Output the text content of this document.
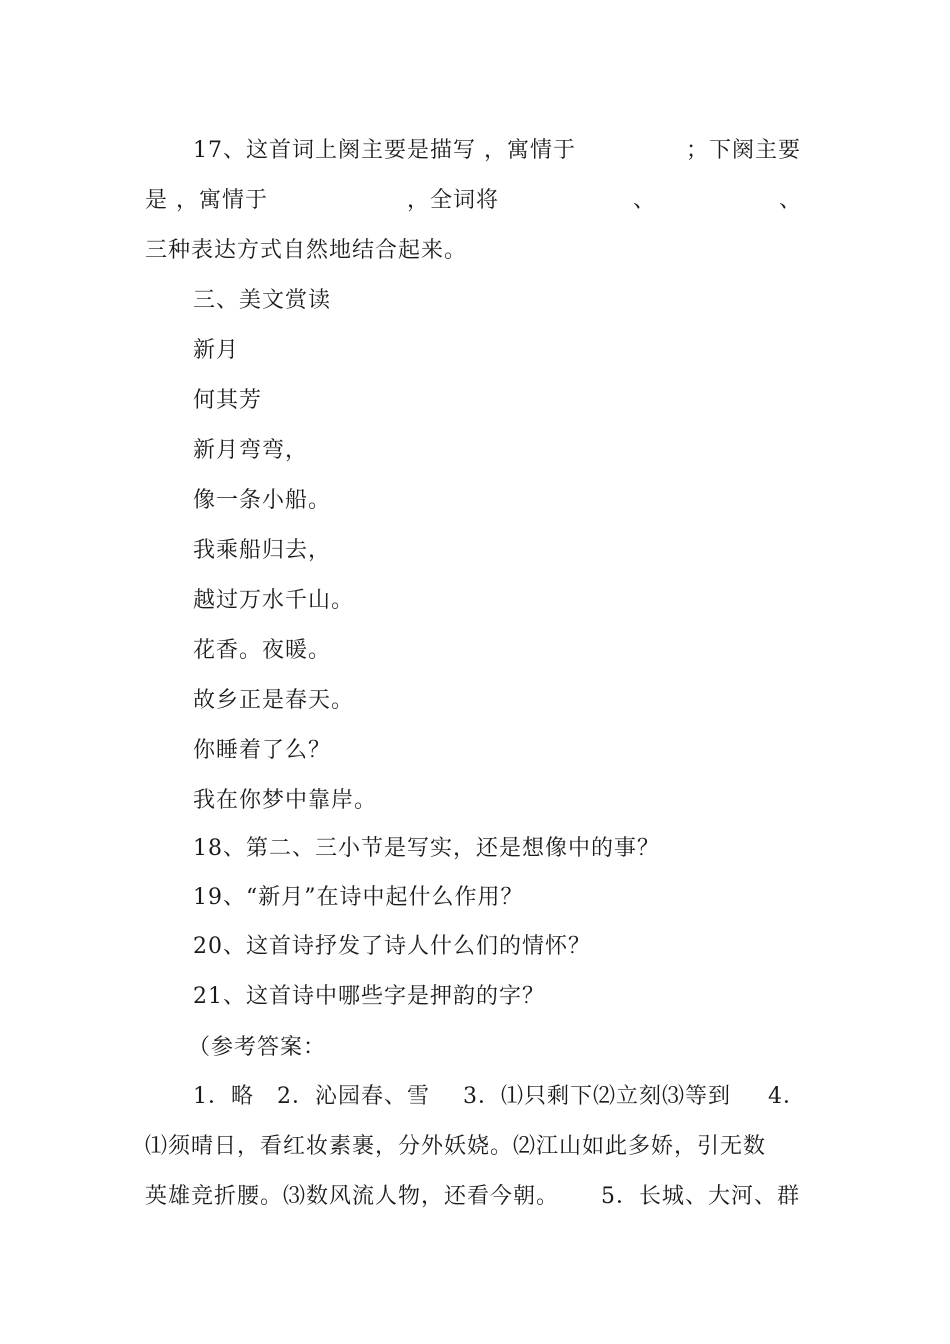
17、这首词上阕主要是描写 ，寓情于	；下阕主要
是 ，寓情于	，全词将	、	、
三种表达方式自然地结合起来。
三、美文赏读
新月
何其芳
新月弯弯，
像一条小船。
我乘船归去，
越过万水千山。
花香。夜暖。
故乡正是春天。
你睡着了么？
我在你梦中靠岸。
18、第二、三小节是写实，还是想像中的事？
19、“新月”在诗中起什么作用？
20、这首诗抒发了诗人什么们的情怀？
21、这首诗中哪些字是押韵的字？
（参考答案：
1．略 2．沁园春、雪 3．⑴只剩下⑵立刻⑶等到 4．
⑴须晴日，看红妆素裹，分外妖娆。⑵江山如此多娇，引无数
英雄竞折腰。⑶数风流人物，还看今朝。 5．长城、大河、群
